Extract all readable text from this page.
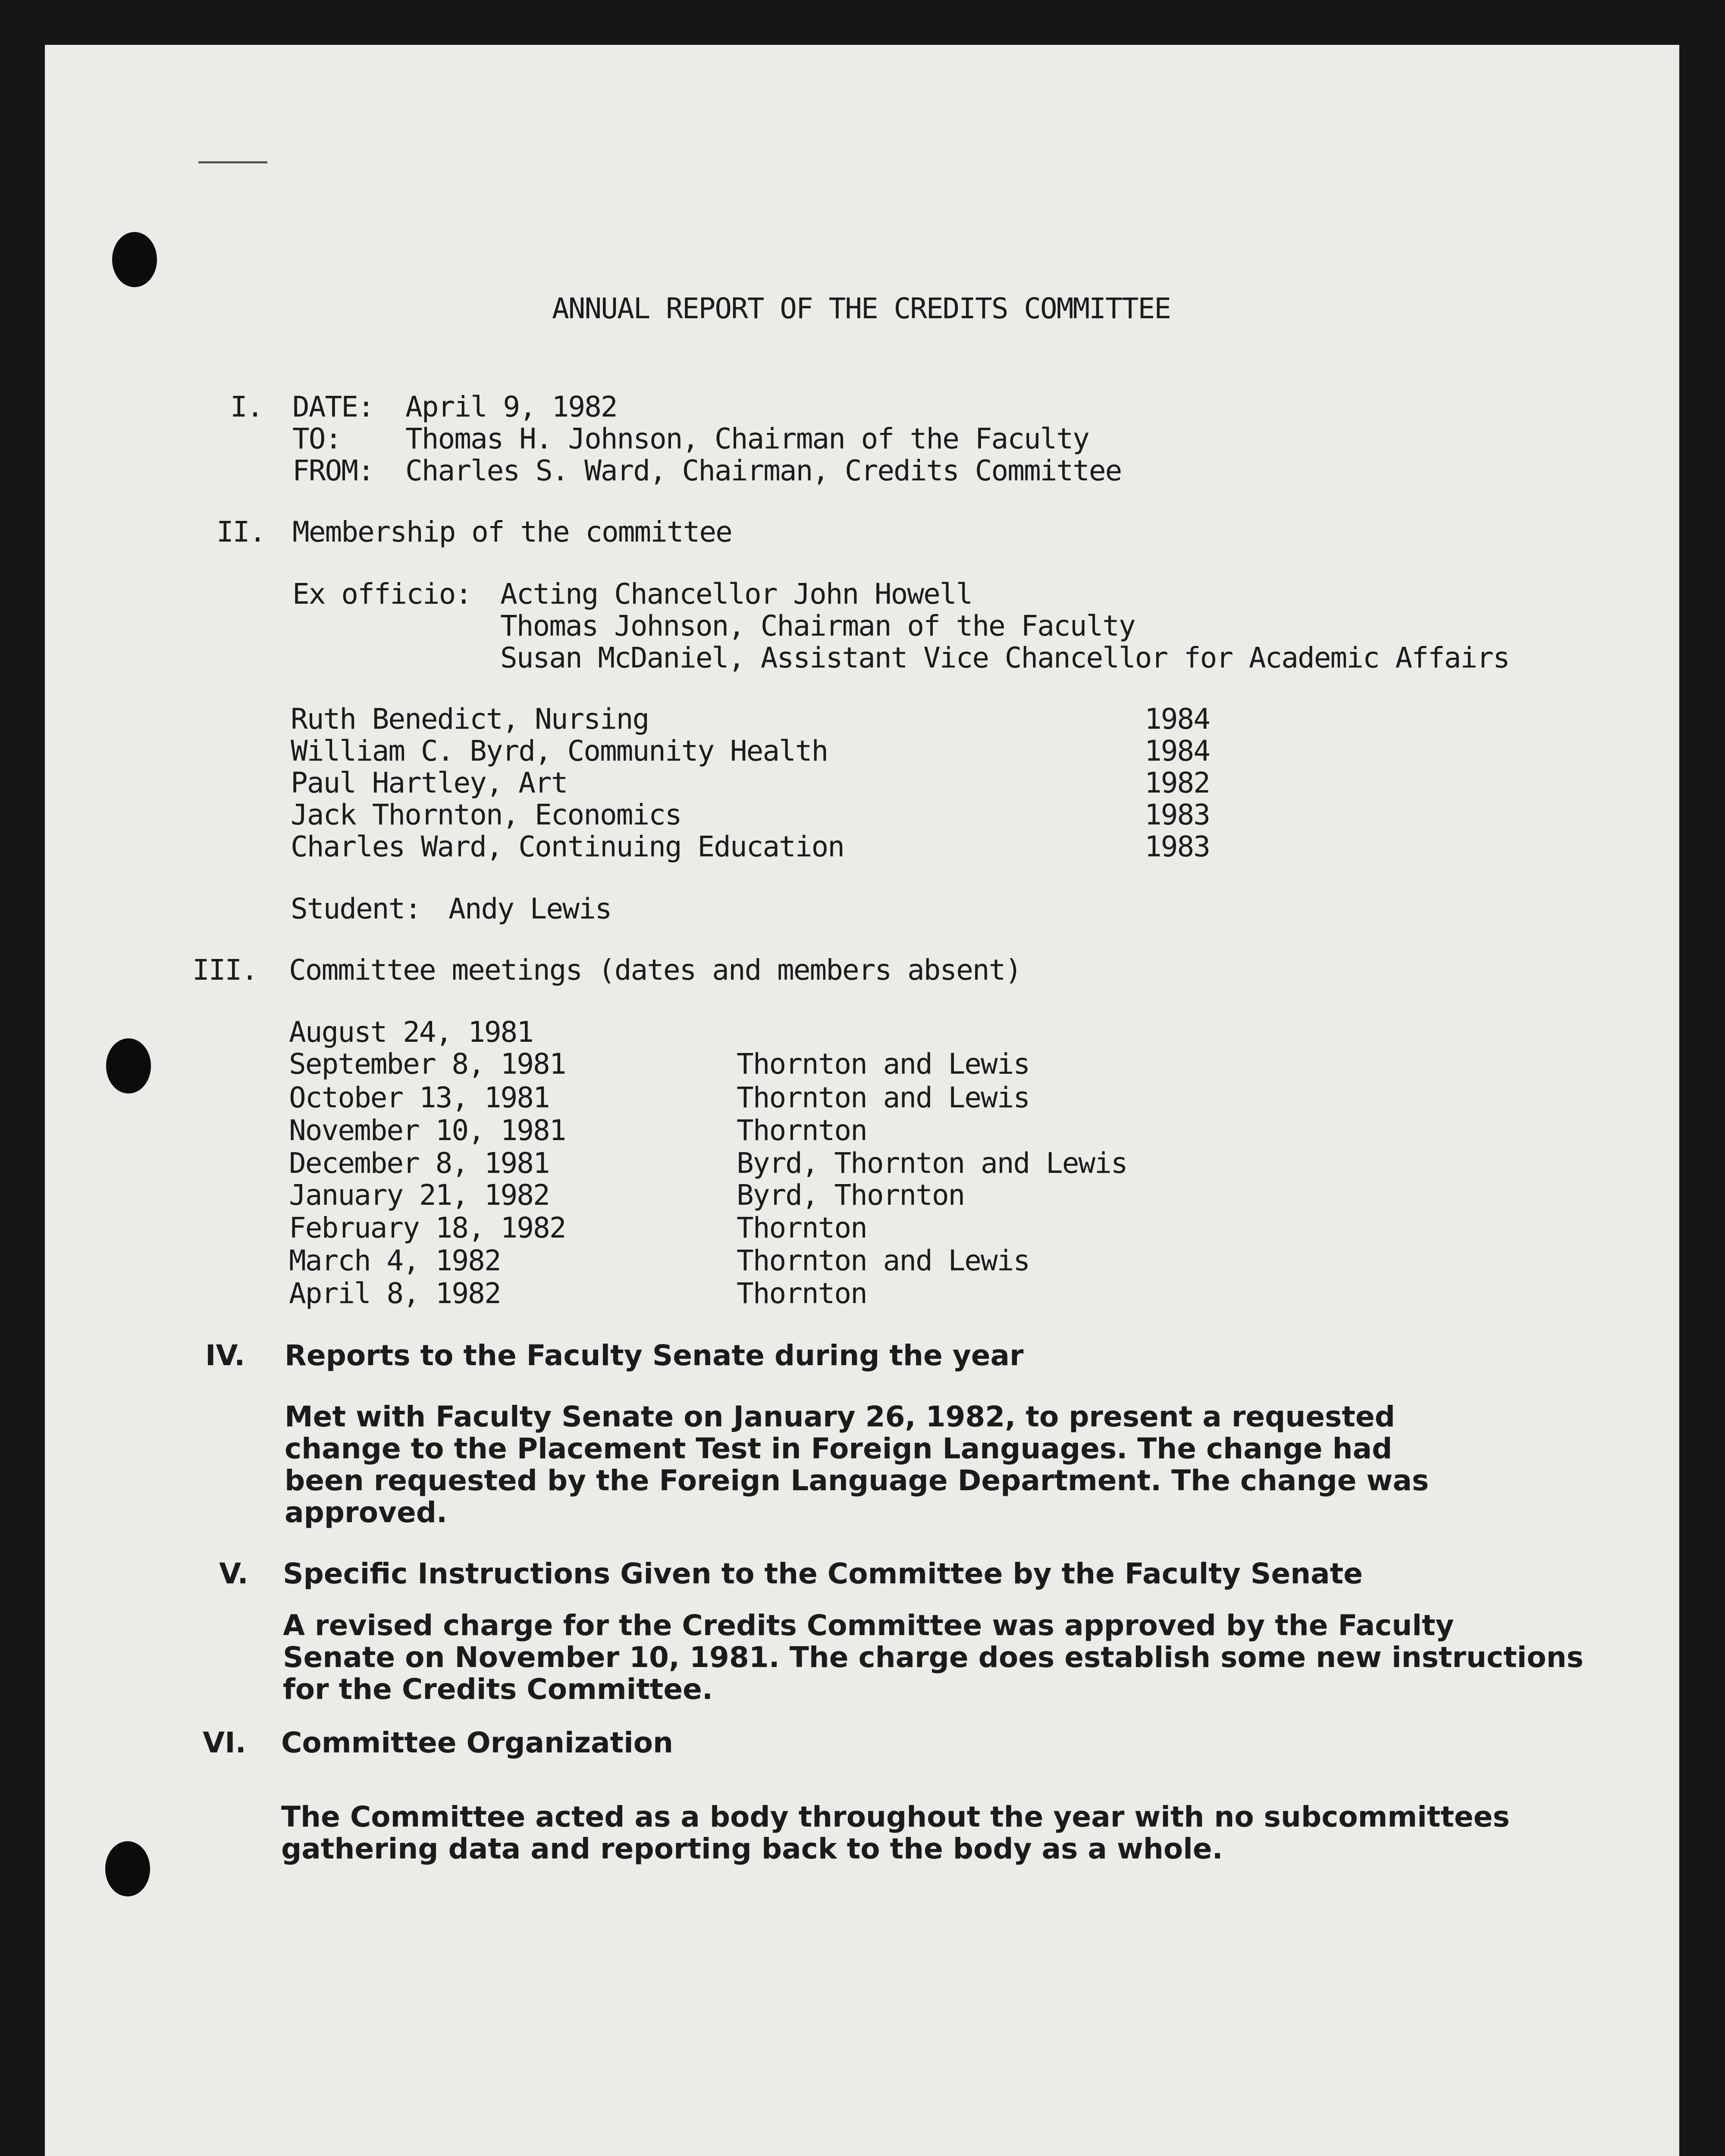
ANNUAL REPORT OF THE CREDITS COMMITTEE
I. DATE: April 9, 1982
TO: Thomas H. Johnson, Chairman of the Faculty
FROM: Charles S. Ward, Chairman, Credits Committee
II. Membership of the committee
Ex officio: Acting Chancellor John Howell
Thomas Johnson, Chairman of the Faculty
Susan McDaniel, Assistant Vice Chancellor for Academic Affairs
Ruth Benedict, Nursing	1984
William C. Byrd, Community Health	1984
Paul Hartley, Art	1982
Jack Thornton, Economics	1983
Charles Ward, Continuing Education	1983
Student: Andy Lewis
III. Committee meetings (dates and members absent)
August 24, 1981
September 8, 1981	Thornton and Lewis
October 13, 1981	Thornton and Lewis
November 10, 1981	Thornton
December 8, 1981	Byrd, Thornton and Lewis
January 21, 1982	Byrd, Thornton
February 18, 1982	Thornton
March 4, 1982	Thornton and Lewis
April 8, 1982	Thornton
IV. Reports to the Faculty Senate during the year
Met with Faculty Senate on January 26, 1982, to present a requested
change to the Placement Test in Foreign Languages. The change had
been requested by the Foreign Language Department. The change was
approved.
V. Specific Instructions Given to the Committee by the Faculty Senate
A revised charge for the Credits Committee was approved by the Faculty
Senate on November 10, 1981. The charge does establish some new instructions
for the Credits Committee.
VI. Committee Organization
The Committee acted as a body throughout the year with no subcommittees
gathering data and reporting back to the body as a whole.
